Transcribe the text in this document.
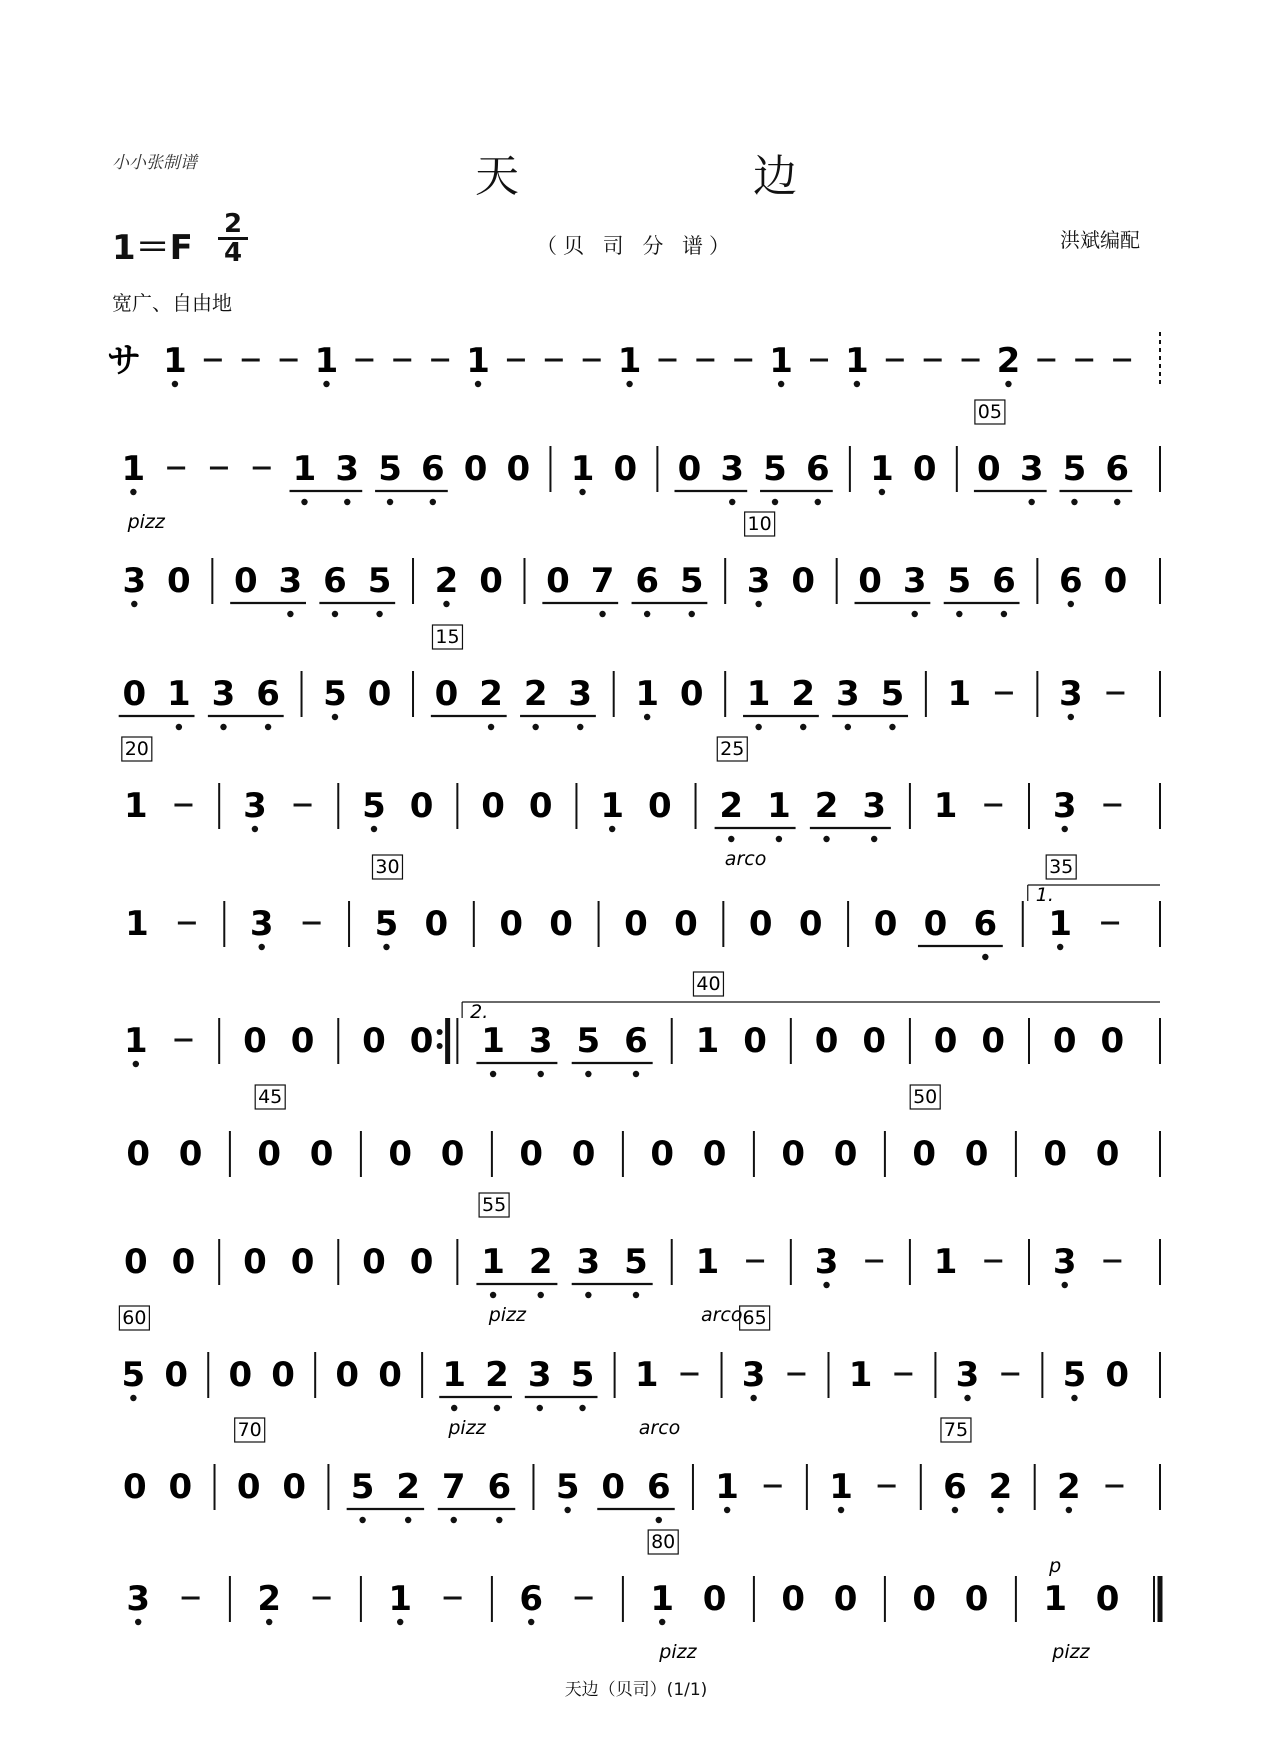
小小张制谱	天 边
1＝F
2
4	（贝 司 分 谱）	洪斌编配
宽广、自由地
サ 1	1	1	1	1 1	2
1	1 3 5 6 0 0 1 0 0 3 5 6 1 0 0 3 5 6
05
pizz
3 0 0 3 6 5 2 0 0 7 6 5 3 0 0 3 5 6 6 0
10
0 1 3 6 5 0 0 2 2 3 1 0 1 2 3 5 1	3
15
1	3	5 0 0 0 1 0 2 1 2 3 1	3
20	25
arco
1	3	5 0 0 0 0 0 0 0 0 0 6 1
30	35
1.
1	0 0 0 0 1 3 5 6 1 0 0 0 0 0 0 0
40
2.
0 0 0 0 0 0 0 0 0 0 0 0 0 0 0 0
45	50
0 0 0 0 0 0 1 2 3 5 1	3	1	3
55
pizz	arco
5 0 0 0 0 0 1 2 3 5 1 3 1 3 5 0
60	65
pizz	arco
0 0 0 0 5 2 7 6 5 0 6 1	1	6 2 2
70	75
3	2	1	6	1 0 0 0 0 0 1 0
80
pizz	pizz
p
天边（贝司）(1/1)
